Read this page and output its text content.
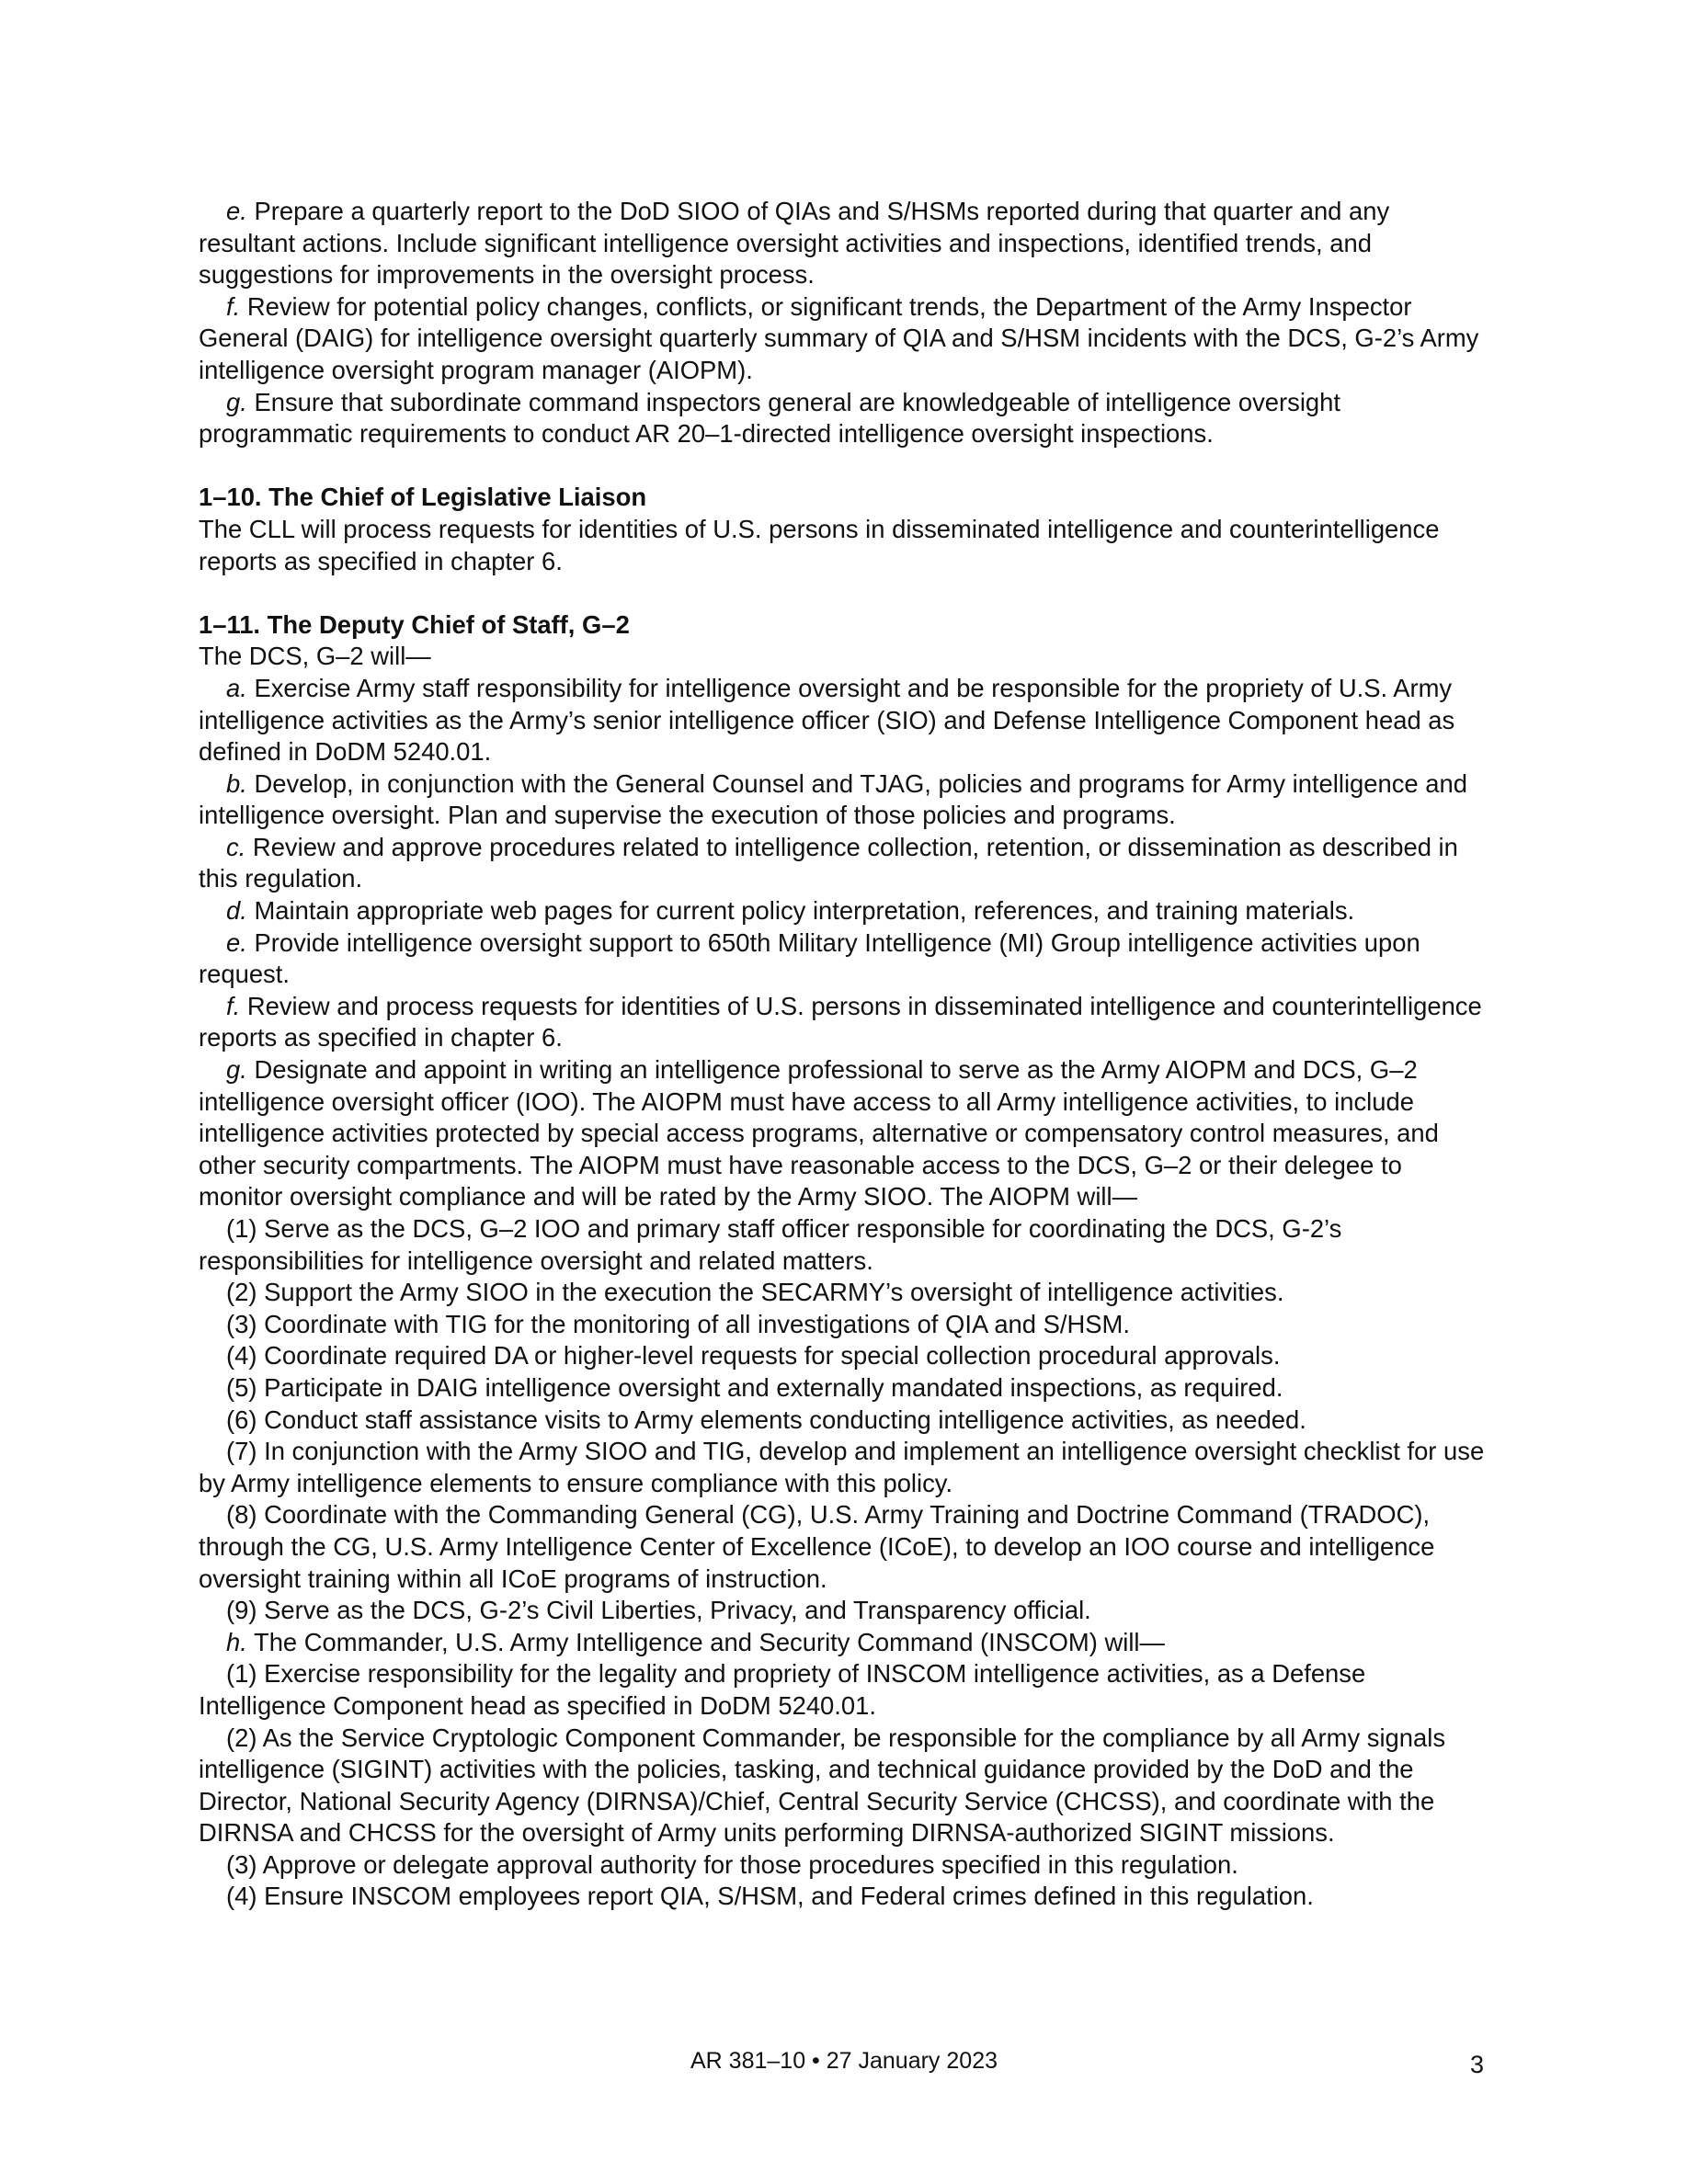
e. Prepare a quarterly report to the DoD SIOO of QIAs and S/HSMs reported during that quarter and any resultant actions. Include significant intelligence oversight activities and inspections, identified trends, and suggestions for improvements in the oversight process.

f. Review for potential policy changes, conflicts, or significant trends, the Department of the Army Inspector General (DAIG) for intelligence oversight quarterly summary of QIA and S/HSM incidents with the DCS, G-2’s Army intelligence oversight program manager (AIOPM).

g. Ensure that subordinate command inspectors general are knowledgeable of intelligence oversight programmatic requirements to conduct AR 20–1-directed intelligence oversight inspections.

1–10. The Chief of Legislative Liaison

The CLL will process requests for identities of U.S. persons in disseminated intelligence and counterintelligence reports as specified in chapter 6.

1–11. The Deputy Chief of Staff, G–2

The DCS, G–2 will—

a. Exercise Army staff responsibility for intelligence oversight and be responsible for the propriety of U.S. Army intelligence activities as the Army’s senior intelligence officer (SIO) and Defense Intelligence Component head as defined in DoDM 5240.01.

b. Develop, in conjunction with the General Counsel and TJAG, policies and programs for Army intelligence and intelligence oversight. Plan and supervise the execution of those policies and programs.

c. Review and approve procedures related to intelligence collection, retention, or dissemination as described in this regulation.

d. Maintain appropriate web pages for current policy interpretation, references, and training materials.

e. Provide intelligence oversight support to 650th Military Intelligence (MI) Group intelligence activities upon request.

f. Review and process requests for identities of U.S. persons in disseminated intelligence and counterintelligence reports as specified in chapter 6.

g. Designate and appoint in writing an intelligence professional to serve as the Army AIOPM and DCS, G–2 intelligence oversight officer (IOO). The AIOPM must have access to all Army intelligence activities, to include intelligence activities protected by special access programs, alternative or compensatory control measures, and other security compartments. The AIOPM must have reasonable access to the DCS, G–2 or their delegee to monitor oversight compliance and will be rated by the Army SIOO. The AIOPM will—

(1) Serve as the DCS, G–2 IOO and primary staff officer responsible for coordinating the DCS, G-2’s responsibilities for intelligence oversight and related matters.

(2) Support the Army SIOO in the execution the SECARMY’s oversight of intelligence activities.

(3) Coordinate with TIG for the monitoring of all investigations of QIA and S/HSM.

(4) Coordinate required DA or higher-level requests for special collection procedural approvals.

(5) Participate in DAIG intelligence oversight and externally mandated inspections, as required.

(6) Conduct staff assistance visits to Army elements conducting intelligence activities, as needed.

(7) In conjunction with the Army SIOO and TIG, develop and implement an intelligence oversight checklist for use by Army intelligence elements to ensure compliance with this policy.

(8) Coordinate with the Commanding General (CG), U.S. Army Training and Doctrine Command (TRADOC), through the CG, U.S. Army Intelligence Center of Excellence (ICoE), to develop an IOO course and intelligence oversight training within all ICoE programs of instruction.

(9) Serve as the DCS, G-2’s Civil Liberties, Privacy, and Transparency official.

h. The Commander, U.S. Army Intelligence and Security Command (INSCOM) will—

(1) Exercise responsibility for the legality and propriety of INSCOM intelligence activities, as a Defense Intelligence Component head as specified in DoDM 5240.01.

(2) As the Service Cryptologic Component Commander, be responsible for the compliance by all Army signals intelligence (SIGINT) activities with the policies, tasking, and technical guidance provided by the DoD and the Director, National Security Agency (DIRNSA)/Chief, Central Security Service (CHCSS), and coordinate with the DIRNSA and CHCSS for the oversight of Army units performing DIRNSA-authorized SIGINT missions.

(3) Approve or delegate approval authority for those procedures specified in this regulation.

(4) Ensure INSCOM employees report QIA, S/HSM, and Federal crimes defined in this regulation.

AR 381–10 • 27 January 2023	3
